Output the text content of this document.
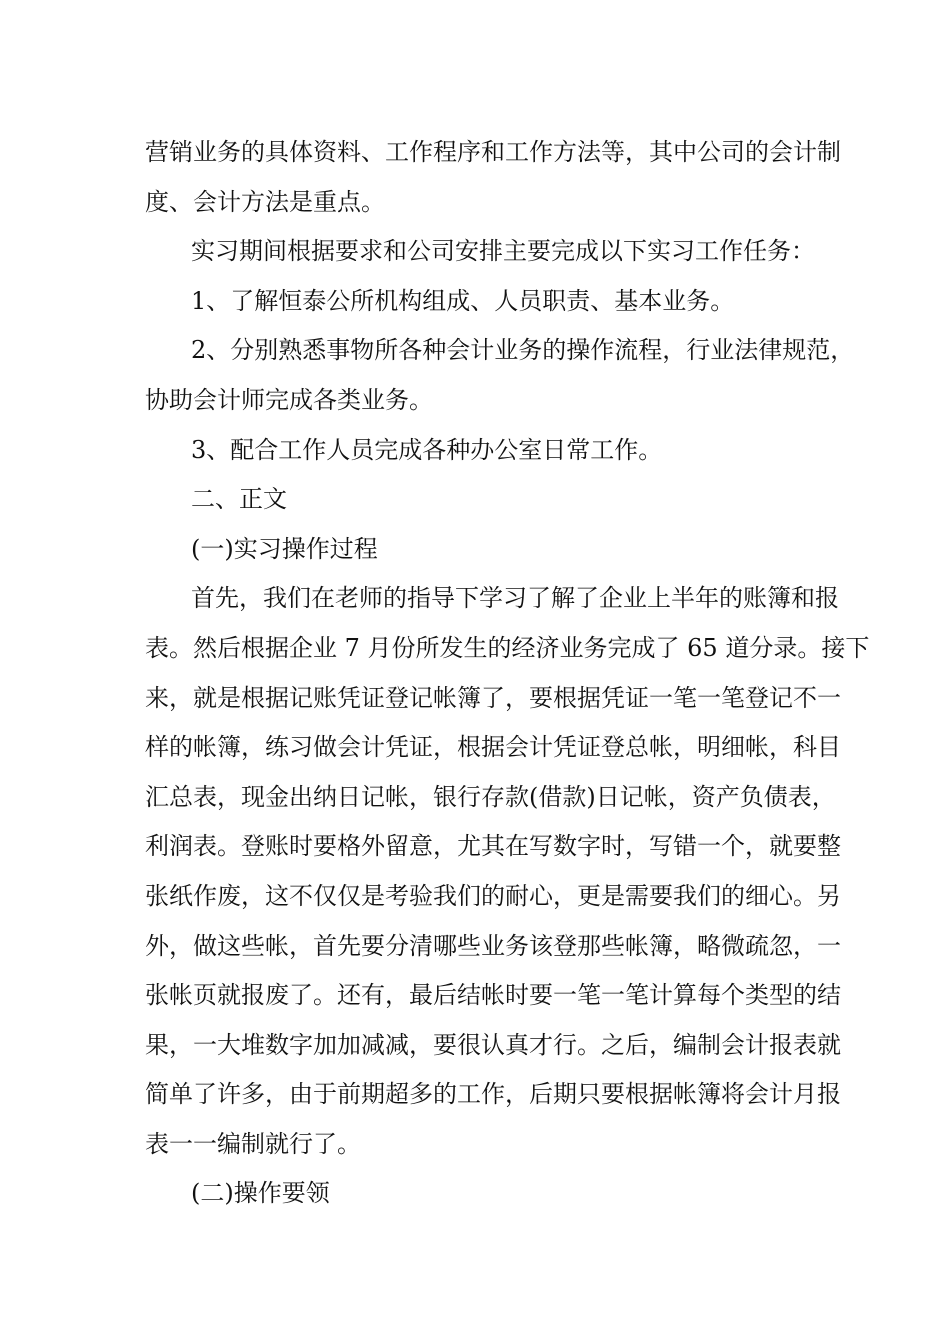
营销业务的具体资料、工作程序和工作方法等，其中公司的会计制
度、会计方法是重点。
实习期间根据要求和公司安排主要完成以下实习工作任务：
1、了解恒泰公所机构组成、人员职责、基本业务。
2、分别熟悉事物所各种会计业务的操作流程，行业法律规范，
协助会计师完成各类业务。
3、配合工作人员完成各种办公室日常工作。
二、正文
(一)实习操作过程
首先，我们在老师的指导下学习了解了企业上半年的账簿和报
表。然后根据企业 7 月份所发生的经济业务完成了 65 道分录。接下
来，就是根据记账凭证登记帐簿了，要根据凭证一笔一笔登记不一
样的帐簿，练习做会计凭证，根据会计凭证登总帐，明细帐，科目
汇总表，现金出纳日记帐，银行存款(借款)日记帐，资产负债表，
利润表。登账时要格外留意，尤其在写数字时，写错一个，就要整
张纸作废，这不仅仅是考验我们的耐心，更是需要我们的细心。另
外，做这些帐，首先要分清哪些业务该登那些帐簿，略微疏忽，一
张帐页就报废了。还有，最后结帐时要一笔一笔计算每个类型的结
果，一大堆数字加加减减，要很认真才行。之后，编制会计报表就
简单了许多，由于前期超多的工作，后期只要根据帐簿将会计月报
表一一编制就行了。
(二)操作要领
